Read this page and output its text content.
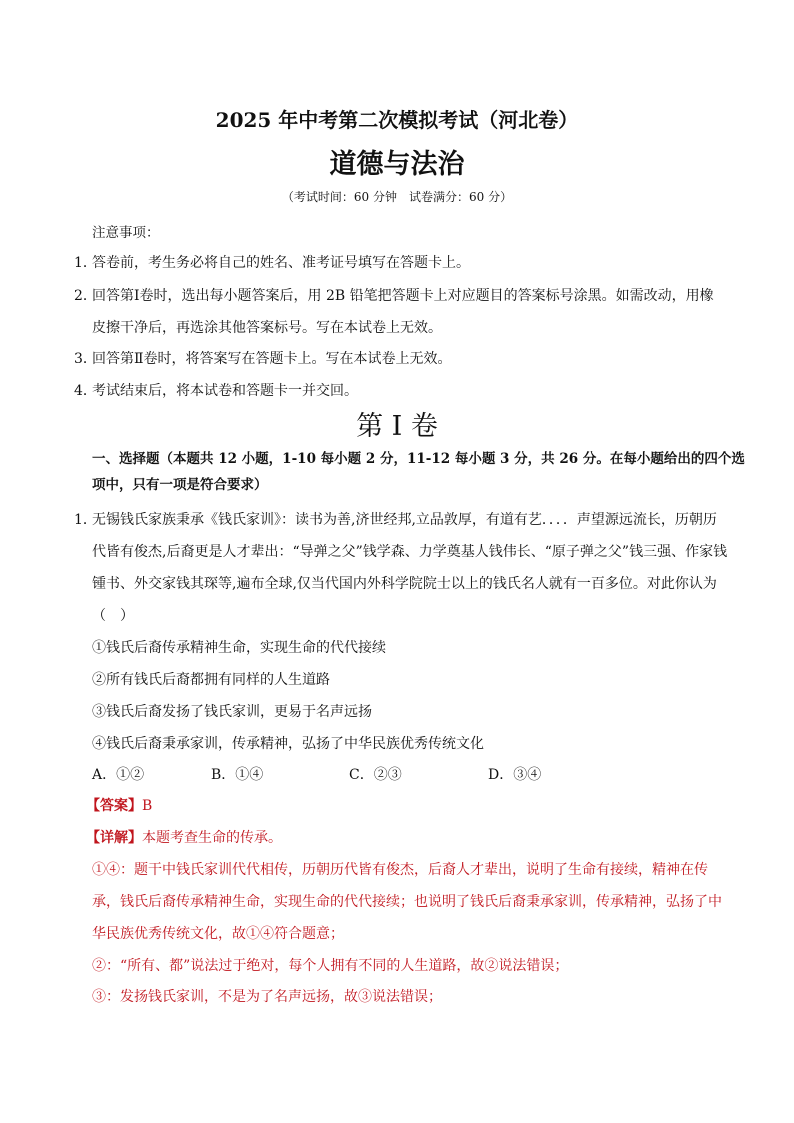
2025 年中考第二次模拟考试（河北卷）
道德与法治
（考试时间：60 分钟　试卷满分：60 分）
注意事项：
1．
答卷前，考生务必将自己的姓名、准考证号填写在答题卡上。
2．
回答第Ⅰ卷时，选出每小题答案后，用 2B 铅笔把答题卡上对应题目的答案标号涂黑。如需改动，用橡
皮擦干净后，再选涂其他答案标号。写在本试卷上无效。
3．
回答第Ⅱ卷时，将答案写在答题卡上。写在本试卷上无效。
4．
考试结束后，将本试卷和答题卡一并交回。
第 I 卷
一、选择题（本题共 12 小题，1-10 每小题 2 分，11-12 每小题 3 分，共 26 分。在每小题给出的四个选
项中，只有一项是符合要求）
1．
无锡钱氏家族秉承《钱氏家训》：读书为善,济世经邦,立品敦厚，有道有艺．．．．声望源远流长，历朝历
代皆有俊杰,后裔更是人才辈出：“导弹之父”钱学森、力学奠基人钱伟长、“原子弹之父”钱三强、作家钱
锺书、外交家钱其琛等,遍布全球,仅当代国内外科学院院士以上的钱氏名人就有一百多位。对此你认为
（　）
①钱氏后裔传承精神生命，实现生命的代代接续
②所有钱氏后裔都拥有同样的人生道路
③钱氏后裔发扬了钱氏家训，更易于名声远扬
④钱氏后裔秉承家训，传承精神，弘扬了中华民族优秀传统文化
A．①②	B．①④	C．②③	D．③④
【答案】B
【详解】本题考查生命的传承。
①④：题干中钱氏家训代代相传，历朝历代皆有俊杰，后裔人才辈出，说明了生命有接续，精神在传
承，钱氏后裔传承精神生命，实现生命的代代接续；也说明了钱氏后裔秉承家训，传承精神，弘扬了中
华民族优秀传统文化，故①④符合题意；
②：“所有、都”说法过于绝对，每个人拥有不同的人生道路，故②说法错误；
③：发扬钱氏家训，不是为了名声远扬，故③说法错误；
